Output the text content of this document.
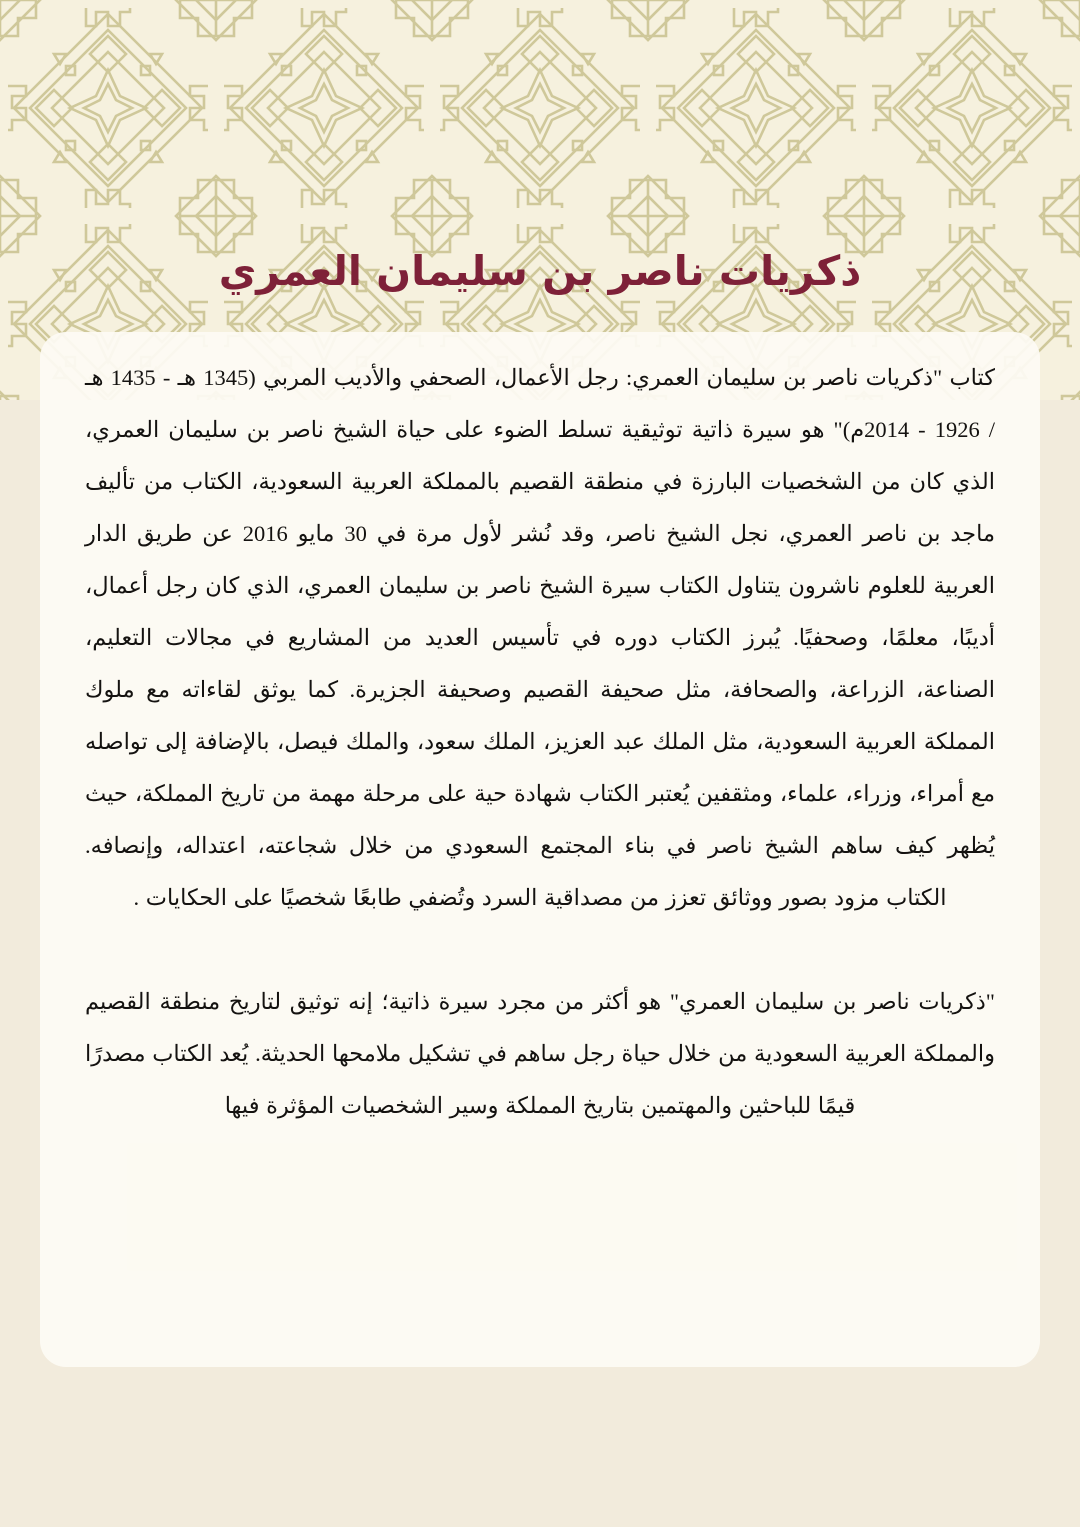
ذكريات ناصر بن سليمان العمري

كتاب "ذكريات ناصر بن سليمان العمري: رجل الأعمال، الصحفي والأديب المربي (1345 هـ - 1435 هـ / 1926 - 2014م)" هو سيرة ذاتية توثيقية تسلط الضوء على حياة الشيخ ناصر بن سليمان العمري، الذي كان من الشخصيات البارزة في منطقة القصيم بالمملكة العربية السعودية، الكتاب من تأليف ماجد بن ناصر العمري، نجل الشيخ ناصر، وقد نُشر لأول مرة في 30 مايو 2016 عن طريق الدار العربية للعلوم ناشرون يتناول الكتاب سيرة الشيخ ناصر بن سليمان العمري، الذي كان رجل أعمال، أديبًا، معلمًا، وصحفيًا. يُبرز الكتاب دوره في تأسيس العديد من المشاريع في مجالات التعليم، الصناعة، الزراعة، والصحافة، مثل صحيفة القصيم وصحيفة الجزيرة. كما يوثق لقاءاته مع ملوك المملكة العربية السعودية، مثل الملك عبد العزيز، الملك سعود، والملك فيصل، بالإضافة إلى تواصله مع أمراء، وزراء، علماء، ومثقفين يُعتبر الكتاب شهادة حية على مرحلة مهمة من تاريخ المملكة، حيث يُظهر كيف ساهم الشيخ ناصر في بناء المجتمع السعودي من خلال شجاعته، اعتداله، وإنصافه. الكتاب مزود بصور ووثائق تعزز من مصداقية السرد وتُضفي طابعًا شخصيًا على الحكايات .

"ذكريات ناصر بن سليمان العمري" هو أكثر من مجرد سيرة ذاتية؛ إنه توثيق لتاريخ منطقة القصيم والمملكة العربية السعودية من خلال حياة رجل ساهم في تشكيل ملامحها الحديثة. يُعد الكتاب مصدرًا قيمًا للباحثين والمهتمين بتاريخ المملكة وسير الشخصيات المؤثرة فيها
